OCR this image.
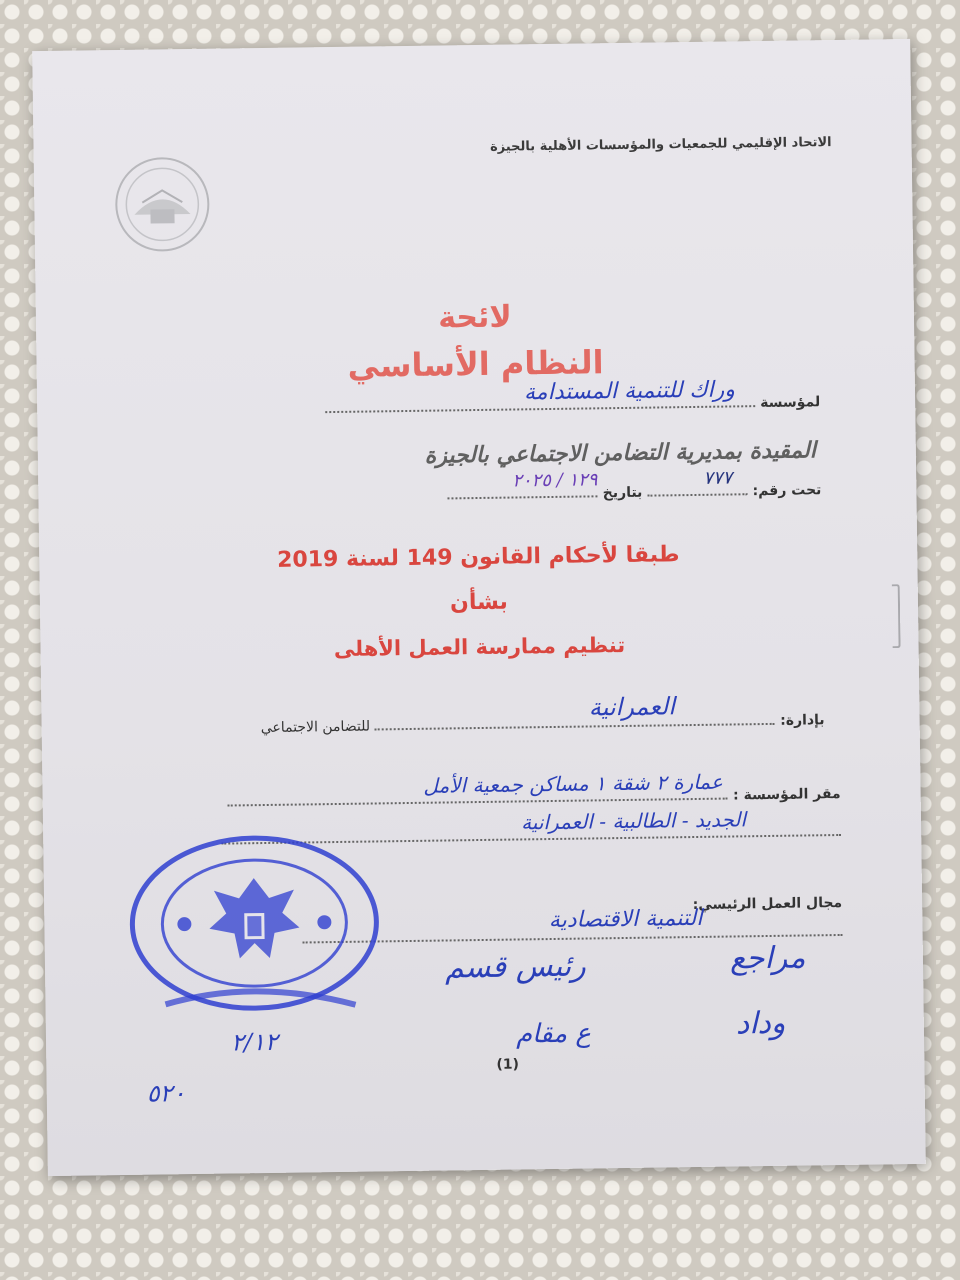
الاتحاد الإقليمي للجمعيات والمؤسسات الأهلية بالجيزة
لائحة
النظام الأساسي
لمؤسسة
وراك للتنمية المستدامة
المقيدة بمديرية التضامن الاجتماعي بالجيزة
تحت رقم:
٧٧٧
بتاريخ
١٢٩ / ٢٠٢٥
طبقا لأحكام القانون 149 لسنة 2019
بشأن
تنظيم ممارسة العمل الأهلى
بإدارة:
العمرانية
للتضامن الاجتماعي
مقر المؤسسة :
عمارة ٢ شقة ١ مساكن جمعية الأمل
الجديد - الطالبية - العمرانية
مجال العمل الرئيسي:
التنمية الاقتصادية
٥٢٠
٢/١٢
رئيس قسم
ع مقام
مراجع
وداد
(1)
